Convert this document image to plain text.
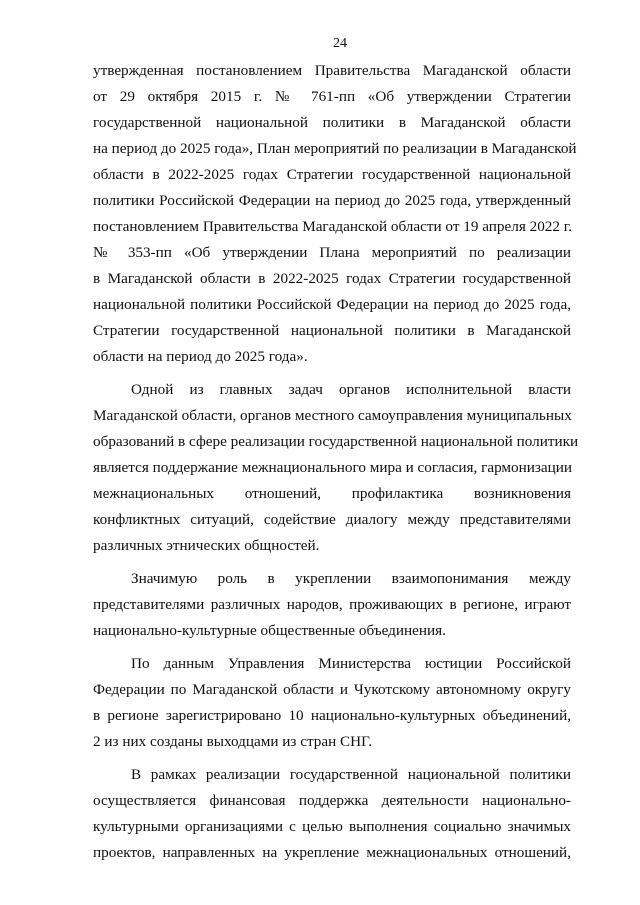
24
утвержденная постановлением Правительства Магаданской области
от 29 октября 2015 г. № 761-пп «Об утверждении Стратегии
государственной национальной политики в Магаданской области
на период до 2025 года», План мероприятий по реализации в Магаданской
области в 2022-2025 годах Стратегии государственной национальной
политики Российской Федерации на период до 2025 года, утвержденный
постановлением Правительства Магаданской области от 19 апреля 2022 г.
№ 353-пп «Об утверждении Плана мероприятий по реализации
в Магаданской области в 2022-2025 годах Стратегии государственной
национальной политики Российской Федерации на период до 2025 года,
Стратегии государственной национальной политики в Магаданской
области на период до 2025 года».
Одной из главных задач органов исполнительной власти
Магаданской области, органов местного самоуправления муниципальных
образований в сфере реализации государственной национальной политики
является поддержание межнационального мира и согласия, гармонизации
межнациональных отношений, профилактика возникновения
конфликтных ситуаций, содействие диалогу между представителями
различных этнических общностей.
Значимую роль в укреплении взаимопонимания между
представителями различных народов, проживающих в регионе, играют
национально-культурные общественные объединения.
По данным Управления Министерства юстиции Российской
Федерации по Магаданской области и Чукотскому автономному округу
в регионе зарегистрировано 10 национально-культурных объединений,
2 из них созданы выходцами из стран СНГ.
В рамках реализации государственной национальной политики
осуществляется финансовая поддержка деятельности национально-
культурными организациями с целью выполнения социально значимых
проектов, направленных на укрепление межнациональных отношений,
